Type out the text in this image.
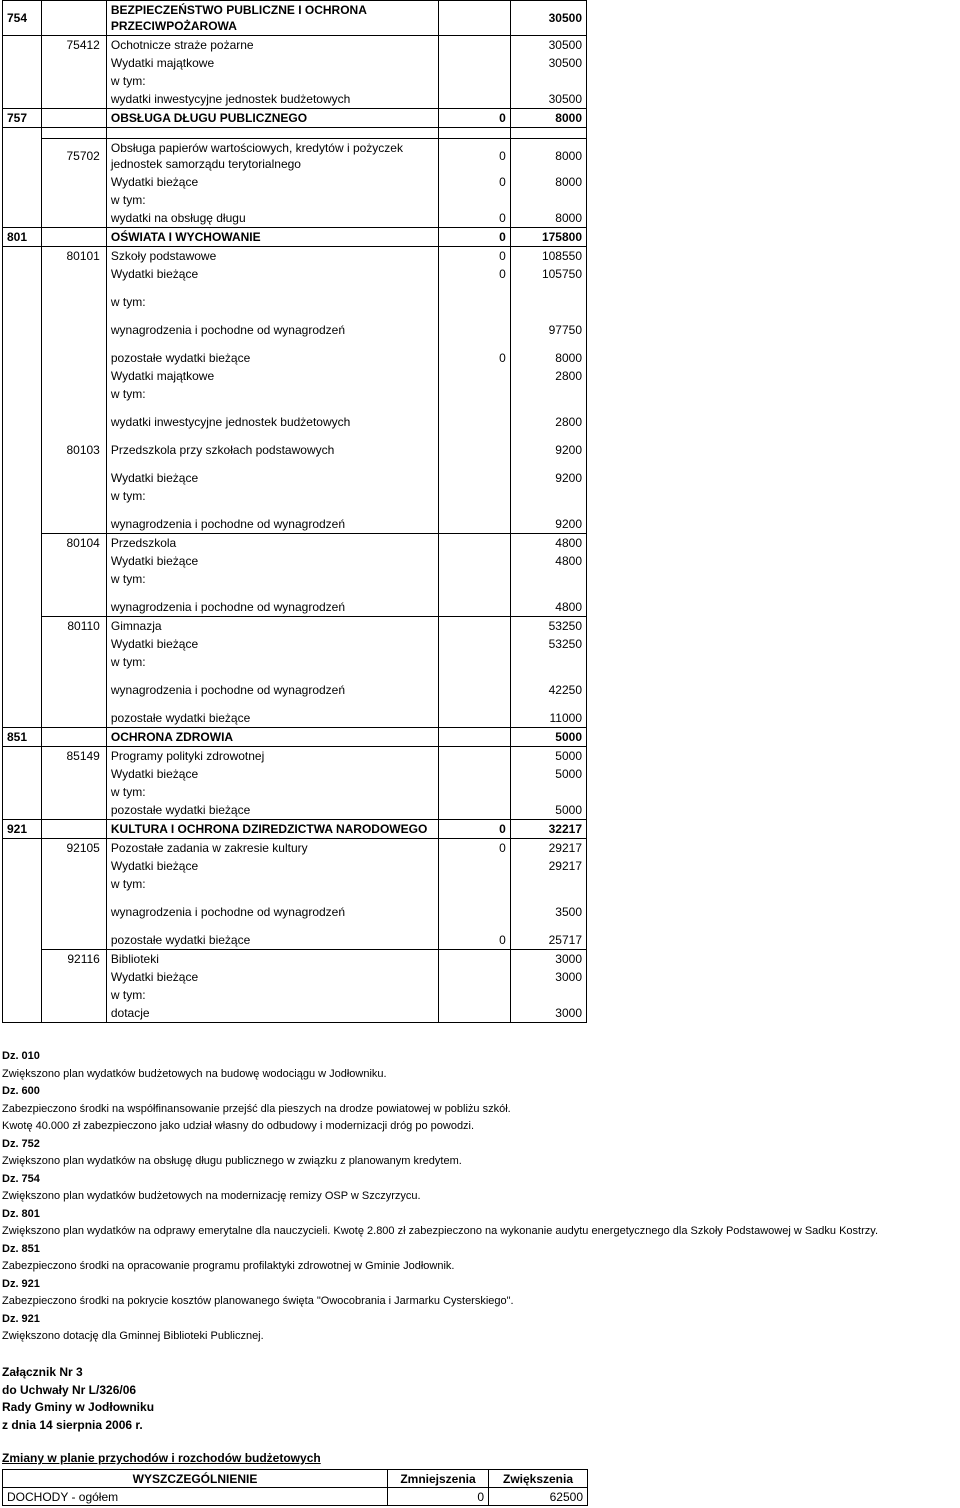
754		BEZPIECZEŃSTWO PUBLICZNE I OCHRONA PRZECIWPOŻAROWA		30500
	75412	Ochotnicze straże pożarne		30500
		Wydatki majątkowe		30500
		w tym:		
		wydatki inwestycyjne jednostek budżetowych		30500
757		OBSŁUGA DŁUGU PUBLICZNEGO	0	8000

	75702	Obsługa papierów wartościowych, kredytów i pożyczek jednostek samorządu terytorialnego	0	8000
		Wydatki bieżące	0	8000
		w tym:		
		wydatki na obsługę długu	0	8000
801		OŚWIATA I WYCHOWANIE	0	175800
	80101	Szkoły podstawowe	0	108550
		Wydatki bieżące	0	105750

		w tym:		

		wynagrodzenia i pochodne od wynagrodzeń		97750

		pozostałe wydatki bieżące	0	8000
		Wydatki majątkowe		2800
		w tym:		

		wydatki inwestycyjne jednostek budżetowych		2800

	80103	Przedszkola przy szkołach podstawowych		9200

		Wydatki bieżące		9200
		w tym:		

		wynagrodzenia i pochodne od wynagrodzeń		9200
	80104	Przedszkola		4800
		Wydatki bieżące		4800
		w tym:		

		wynagrodzenia i pochodne od wynagrodzeń		4800
	80110	Gimnazja		53250
		Wydatki bieżące		53250
		w tym:		

		wynagrodzenia i pochodne od wynagrodzeń		42250

		pozostałe wydatki bieżące		11000
851		OCHRONA ZDROWIA		5000
	85149	Programy polityki zdrowotnej		5000
		Wydatki bieżące		5000
		w tym:		
		pozostałe wydatki bieżące		5000
921		KULTURA I OCHRONA DZIREDZICTWA NARODOWEGO	0	32217
	92105	Pozostałe zadania w zakresie kultury	0	29217
		Wydatki bieżące		29217
		w tym:		

		wynagrodzenia i pochodne od wynagrodzeń		3500

		pozostałe wydatki bieżące	0	25717
	92116	Biblioteki		3000
		Wydatki bieżące		3000
		w tym:		
		dotacje		3000
Dz. 010
Zwiększono plan wydatków budżetowych na budowę wodociągu w Jodłowniku.
Dz. 600
Zabezpieczono środki na współfinansowanie przejść dla pieszych na drodze powiatowej w pobliżu szkół.
Kwotę 40.000 zł zabezpieczono jako udział własny do odbudowy i modernizacji dróg po powodzi.
Dz. 752
Zwiększono plan wydatków na obsługę długu publicznego w związku z planowanym kredytem.
Dz. 754
Zwiększono plan wydatków budżetowych na modernizację remizy OSP w Szczyrzycu.
Dz. 801
Zwiększono plan wydatków na odprawy emerytalne dla nauczycieli. Kwotę 2.800 zł zabezpieczono na wykonanie audytu energetycznego dla Szkoły Podstawowej w Sadku Kostrzy.
Dz. 851
Zabezpieczono środki na opracowanie programu profilaktyki zdrowotnej w Gminie Jodłownik.
Dz. 921
Zabezpieczono środki na pokrycie kosztów planowanego święta "Owocobrania i Jarmarku Cysterskiego".
Dz. 921
Zwiększono dotację dla Gminnej Biblioteki Publicznej.
Załącznik Nr 3
do Uchwały Nr L/326/06
Rady Gminy w Jodłowniku
z dnia 14 sierpnia 2006 r.
Zmiany w planie przychodów i rozchodów budżetowych
WYSZCZEGÓLNIENIE	Zmniejszenia	Zwiększenia
DOCHODY - ogółem	0	62500
